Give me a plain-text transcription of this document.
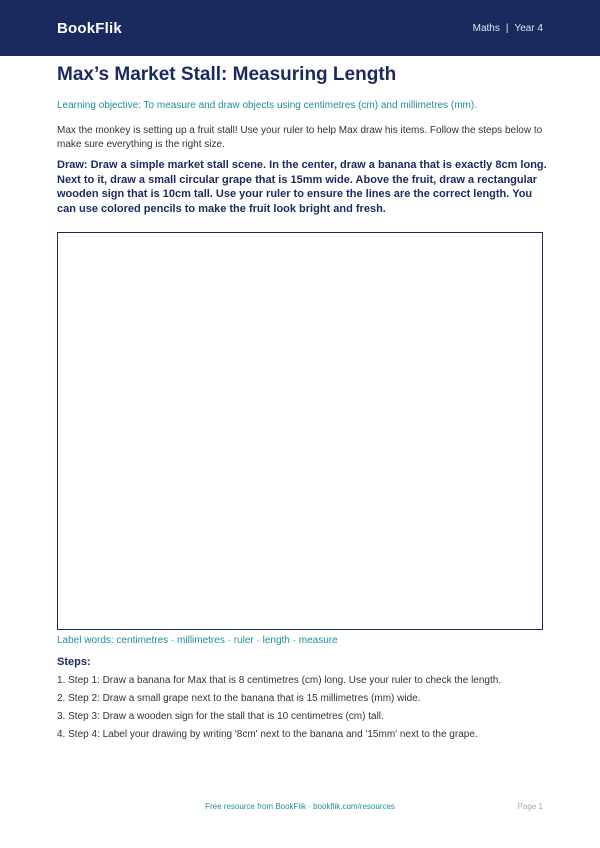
BookFlik	Maths | Year 4
Max’s Market Stall: Measuring Length
Learning objective: To measure and draw objects using centimetres (cm) and millimetres (mm).
Max the monkey is setting up a fruit stall! Use your ruler to help Max draw his items. Follow the steps below to make sure everything is the right size.
Draw: Draw a simple market stall scene. In the center, draw a banana that is exactly 8cm long. Next to it, draw a small circular grape that is 15mm wide. Above the fruit, draw a rectangular wooden sign that is 10cm tall. Use your ruler to ensure the lines are the correct length. You can use colored pencils to make the fruit look bright and fresh.
Label words: centimetres · millimetres · ruler · length · measure
Steps:
1. Step 1: Draw a banana for Max that is 8 centimetres (cm) long. Use your ruler to check the length.
2. Step 2: Draw a small grape next to the banana that is 15 millimetres (mm) wide.
3. Step 3: Draw a wooden sign for the stall that is 10 centimetres (cm) tall.
4. Step 4: Label your drawing by writing '8cm' next to the banana and '15mm' next to the grape.
Free resource from BookFlik · bookflik.com/resources	Page 1
